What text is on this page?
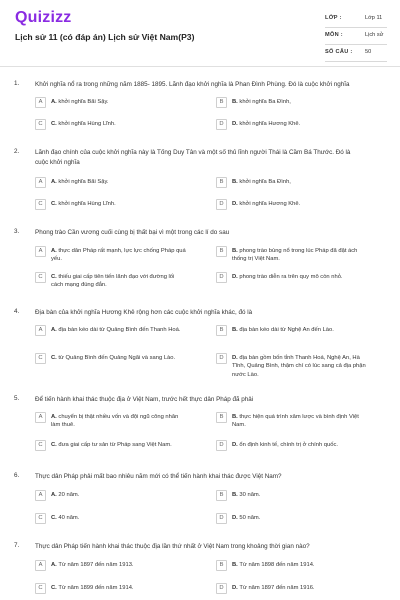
Quizizz
Lịch sử 11 (có đáp án) Lịch sử Việt Nam(P3)
LỚP :	Lớp 11
MÔN :	Lịch sử
SỐ CÂU : 50
1. Khởi nghĩa nổ ra trong những năm 1885- 1895. Lãnh đạo khởi nghĩa là Phan Đình Phùng. Đó là cuộc khởi nghĩa
A	A. khởi nghĩa Bãi Sậy.	B	B. khởi nghĩa Ba Đình,
C	C. khởi nghĩa Hùng Lĩnh.	D	D. khởi nghĩa Hương Khê.
2. Lãnh đạo chính của cuộc khởi nghĩa này là Tống Duy Tân và một số thủ lĩnh người Thái là Cầm Bá Thước. Đó là cuộc khởi nghĩa
A	A. khởi nghĩa Bãi Sậy.	B	B. khởi nghĩa Ba Đình,
C	C. khởi nghĩa Hùng Lĩnh.	D	D. khởi nghĩa Hương Khê.
3. Phong trào Cần vương cuối cùng bị thất bại vì một trong các lí do sau
A	A. thực dân Pháp rất mạnh, lực lực chống Pháp quá yếu.
B	B. phong trào bùng nổ trong lúc Pháp đã đặt ách thống trị Việt Nam.
C	C. thiếu giai cấp tiên tiến lãnh đạo với đường lối cách mạng đúng đắn.
D	D. phong trào diễn ra trên quy mô còn nhỏ.
4. Địa bàn của khởi nghĩa Hương Khê rộng hơn các cuộc khởi nghĩa khác, đó là
A	A. địa bàn kéo dài từ Quảng Bình đến Thanh Hoá.	B	B. địa bàn kéo dài từ Nghệ An đến Lào.
C	C. từ Quảng Bình đến Quảng Ngãi và sang Lào.	D	D. địa bàn gồm bốn tỉnh Thanh Hoá, Nghệ An, Hà Tĩnh, Quảng Bình, thậm chí có lúc sang cả địa phận nước Lào.
5. Để tiến hành khai thác thuộc địa ở Việt Nam, trước hết thực dân Pháp đã phải
A	A. chuyển bị thật nhiều vốn và đội ngũ công nhân làm thuê.
B	B. thực hiện quá trình xâm lược và bình định Việt Nam.
C	C. đưa giai cấp tư sản từ Pháp sang Việt Nam.	D	D. ổn định kinh tế, chính trị ở chính quốc.
6. Thực dân Pháp phải mất bao nhiêu năm mới có thể tiến hành khai thác được Việt Nam?
A	A. 20 năm.	B	B. 30 năm.
C	C. 40 năm.	D	D. 50 năm.
7. Thực dân Pháp tiến hành khai thác thuộc địa lần thứ nhất ở Việt Nam trong khoảng thời gian nào?
A	A. Từ năm 1897 đến năm 1913.	B	B. Từ năm 1898 đến năm 1914.
C	C. Từ năm 1899 đến năm 1914.	D	D. Từ năm 1897 đến năm 1916.
